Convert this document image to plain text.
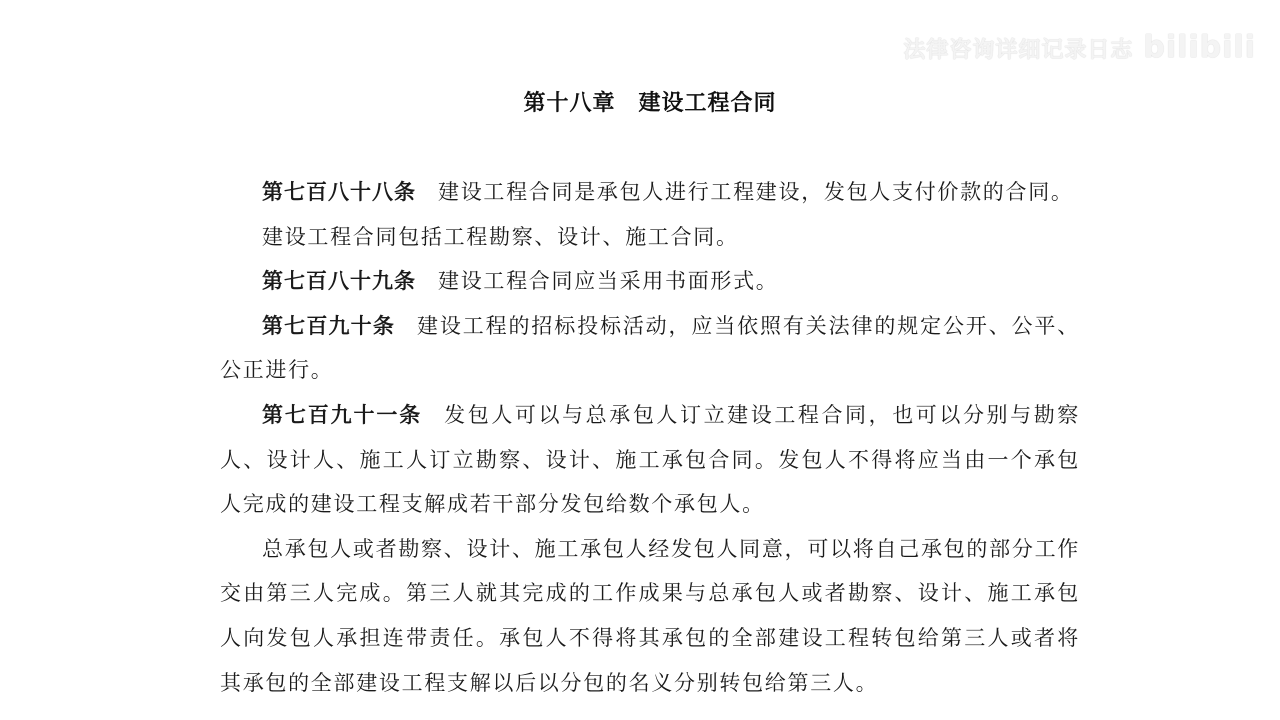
法律咨询详细记录日志 bilibili
第十八章　建设工程合同

第七百八十八条 建设工程合同是承包人进行工程建设，发包人支付价款的合同。

建设工程合同包括工程勘察、设计、施工合同。

第七百八十九条 建设工程合同应当采用书面形式。

第七百九十条 建设工程的招标投标活动，应当依照有关法律的规定公开、公平、公正进行。

第七百九十一条 发包人可以与总承包人订立建设工程合同，也可以分别与勘察人、设计人、施工人订立勘察、设计、施工承包合同。发包人不得将应当由一个承包人完成的建设工程支解成若干部分发包给数个承包人。

总承包人或者勘察、设计、施工承包人经发包人同意，可以将自己承包的部分工作交由第三人完成。第三人就其完成的工作成果与总承包人或者勘察、设计、施工承包人向发包人承担连带责任。承包人不得将其承包的全部建设工程转包给第三人或者将其承包的全部建设工程支解以后以分包的名义分别转包给第三人。
